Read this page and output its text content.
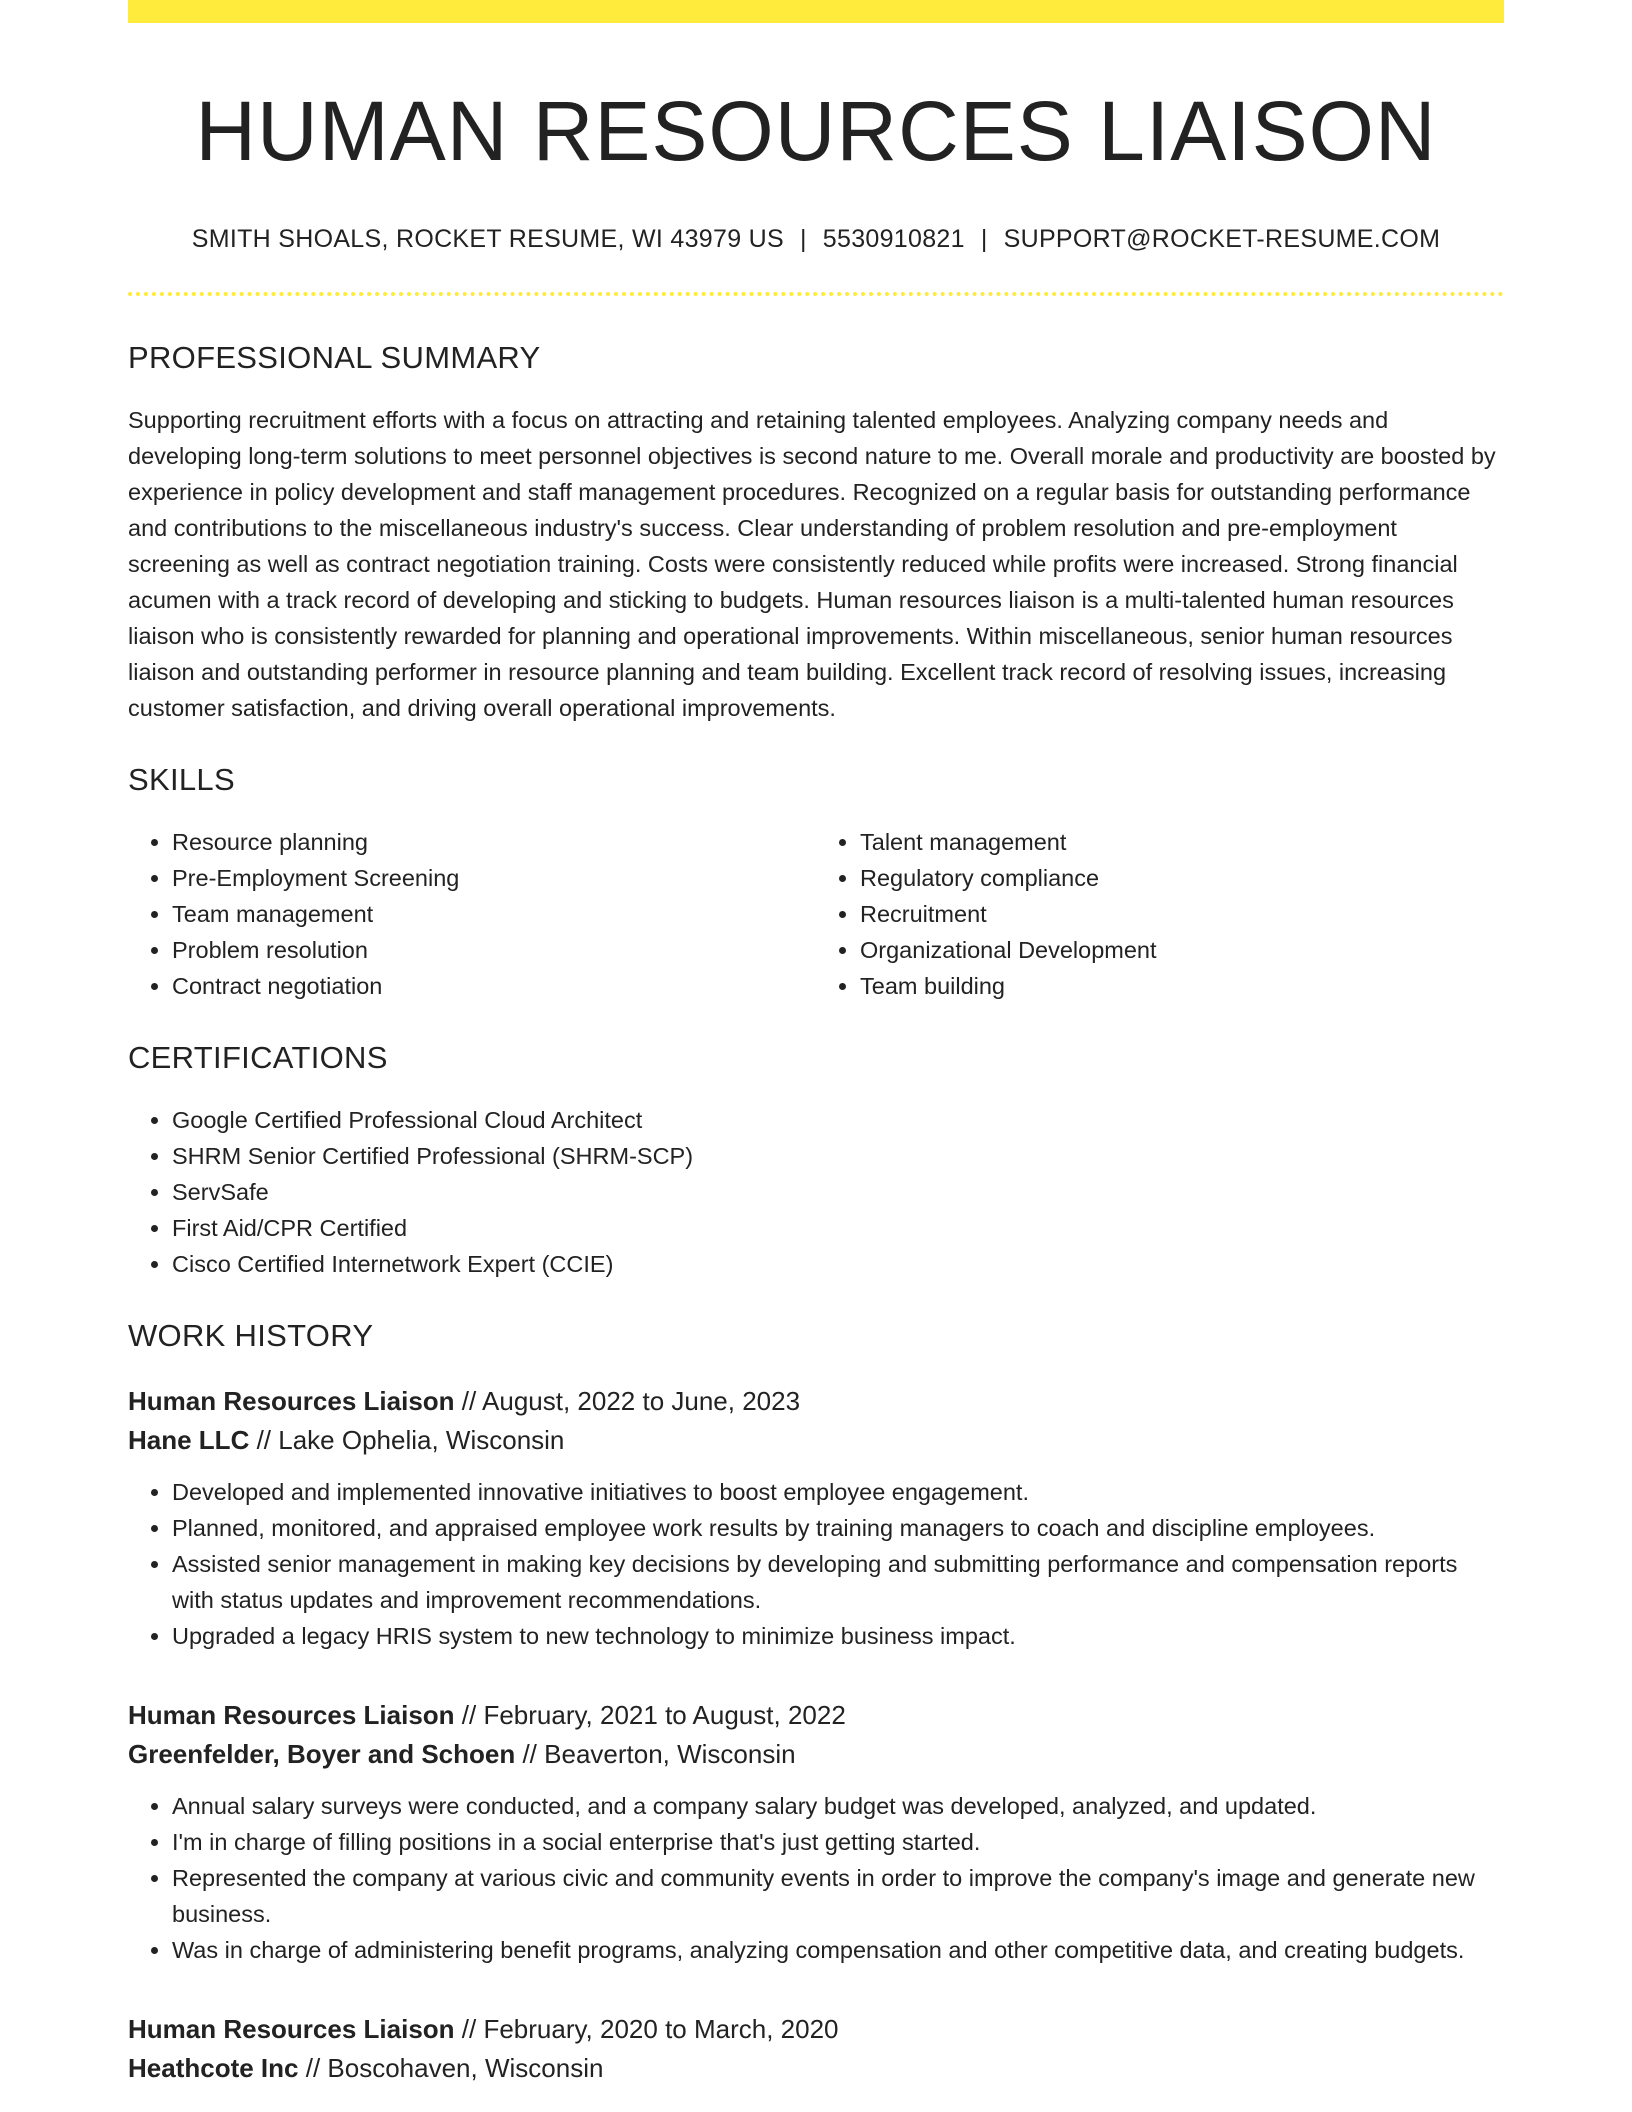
HUMAN RESOURCES LIAISON
SMITH SHOALS, ROCKET RESUME, WI 43979 US | 5530910821 | SUPPORT@ROCKET-RESUME.COM
PROFESSIONAL SUMMARY
Supporting recruitment efforts with a focus on attracting and retaining talented employees. Analyzing company needs and developing long-term solutions to meet personnel objectives is second nature to me. Overall morale and productivity are boosted by experience in policy development and staff management procedures. Recognized on a regular basis for outstanding performance and contributions to the miscellaneous industry's success. Clear understanding of problem resolution and pre-employment screening as well as contract negotiation training. Costs were consistently reduced while profits were increased. Strong financial acumen with a track record of developing and sticking to budgets. Human resources liaison is a multi-talented human resources liaison who is consistently rewarded for planning and operational improvements. Within miscellaneous, senior human resources liaison and outstanding performer in resource planning and team building. Excellent track record of resolving issues, increasing customer satisfaction, and driving overall operational improvements.
SKILLS
• Resource planning
• Pre-Employment Screening
• Team management
• Problem resolution
• Contract negotiation
• Talent management
• Regulatory compliance
• Recruitment
• Organizational Development
• Team building
CERTIFICATIONS
• Google Certified Professional Cloud Architect
• SHRM Senior Certified Professional (SHRM-SCP)
• ServSafe
• First Aid/CPR Certified
• Cisco Certified Internetwork Expert (CCIE)
WORK HISTORY
Human Resources Liaison // August, 2022 to June, 2023
Hane LLC // Lake Ophelia, Wisconsin
• Developed and implemented innovative initiatives to boost employee engagement.
• Planned, monitored, and appraised employee work results by training managers to coach and discipline employees.
• Assisted senior management in making key decisions by developing and submitting performance and compensation reports with status updates and improvement recommendations.
• Upgraded a legacy HRIS system to new technology to minimize business impact.
Human Resources Liaison // February, 2021 to August, 2022
Greenfelder, Boyer and Schoen // Beaverton, Wisconsin
• Annual salary surveys were conducted, and a company salary budget was developed, analyzed, and updated.
• I'm in charge of filling positions in a social enterprise that's just getting started.
• Represented the company at various civic and community events in order to improve the company's image and generate new business.
• Was in charge of administering benefit programs, analyzing compensation and other competitive data, and creating budgets.
Human Resources Liaison // February, 2020 to March, 2020
Heathcote Inc // Boscohaven, Wisconsin
